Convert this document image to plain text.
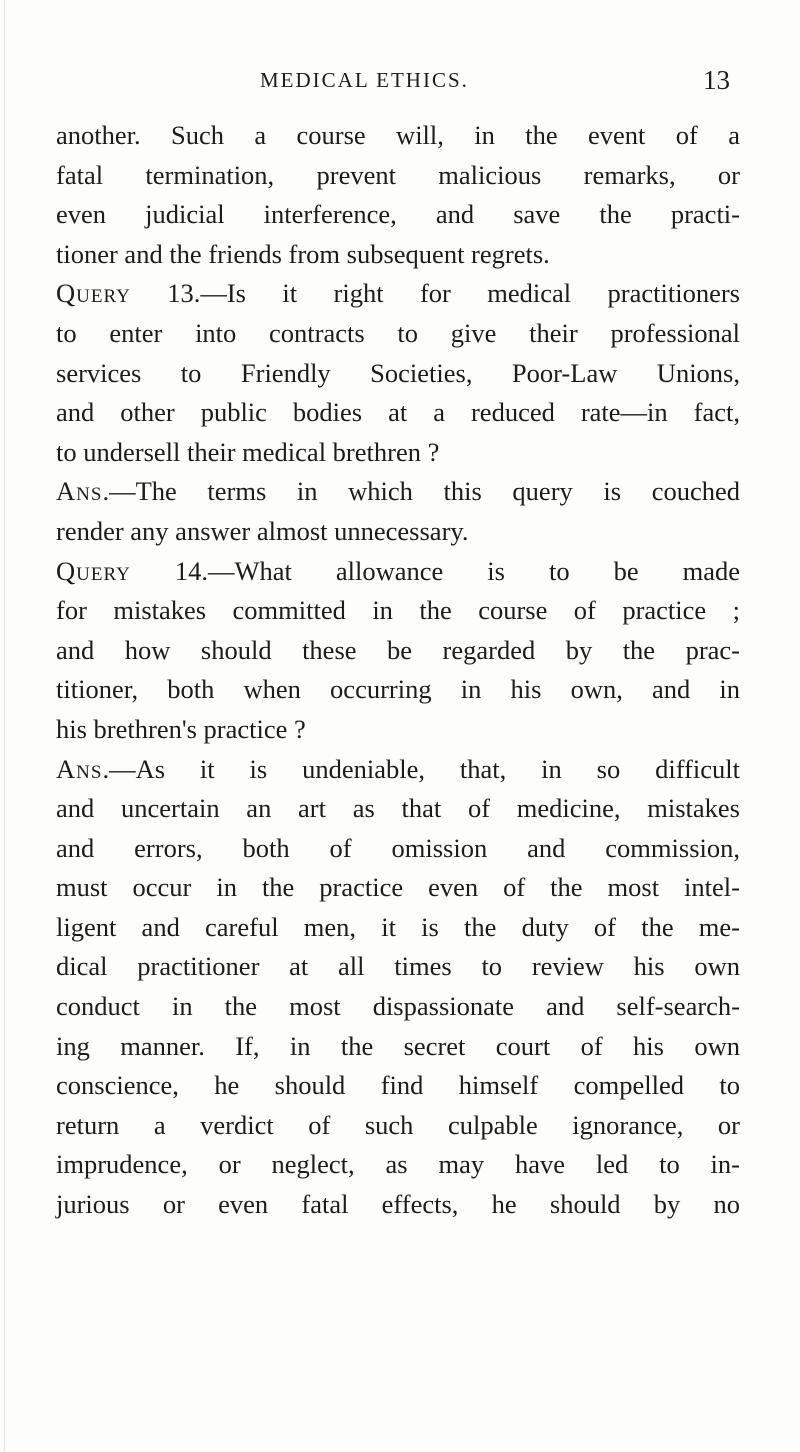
MEDICAL ETHICS.	13
another. Such a course will, in the event of a
fatal termination, prevent malicious remarks, or
even judicial interference, and save the practi-
tioner and the friends from subsequent regrets.
Query 13.—Is it right for medical practitioners
to enter into contracts to give their professional
services to Friendly Societies, Poor-Law Unions,
and other public bodies at a reduced rate—in fact,
to undersell their medical brethren ?
Ans.—The terms in which this query is couched
render any answer almost unnecessary.
Query 14.—What allowance is to be made
for mistakes committed in the course of practice ;
and how should these be regarded by the prac-
titioner, both when occurring in his own, and in
his brethren's practice ?
Ans.—As it is undeniable, that, in so difficult
and uncertain an art as that of medicine, mistakes
and errors, both of omission and commission,
must occur in the practice even of the most intel-
ligent and careful men, it is the duty of the me-
dical practitioner at all times to review his own
conduct in the most dispassionate and self-search-
ing manner. If, in the secret court of his own
conscience, he should find himself compelled to
return a verdict of such culpable ignorance, or
imprudence, or neglect, as may have led to in-
jurious or even fatal effects, he should by no
